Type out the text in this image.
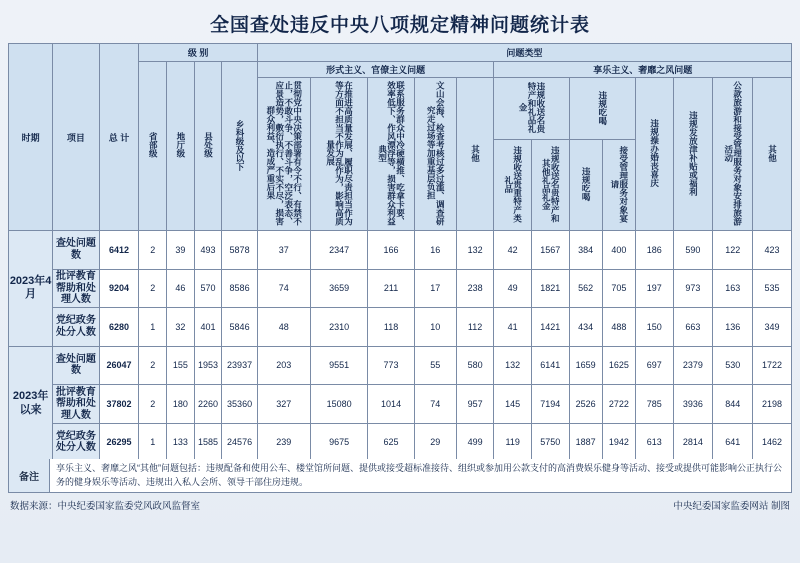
全国查处违反中央八项规定精神问题统计表
时期	项目	总 计	级 别				问题类型												
			省部级	地厅级	县处级	乡科级及以下	形式主义、官僚主义问题					享乐主义、奢靡之风问题							
							贯彻党中央决策部署有令不行、有禁不止，不敢斗争、不善斗争，空泛表态、应景造势，敷衍执行、不实不尽，损害群众利益、造成严重后果	在推进高质量发展、履职尽责担当作为等方面不担当不作为乱作为，影响高质量发展	联系服务群众中冷硬横推、吃拿卡要、效率低下、作风漂浮等，损害群众利益典型	文山会海、检查考核过多过滥、调查研究走过场等加重基层负担	其他	违规收送名贵特产和礼品礼金		违规吃喝		违规操办婚丧喜庆	违规发放津补贴或福利	公款旅游和接受管理服务对象安排旅游活动	其他
												违规收送贵重特产类礼品	违规收送名贵特产和其他礼品礼金	违规吃喝	接受管理服务对象宴请				
2023年4月	查处问题数	6412	2	39	493	5878	37	2347	166	16	132	42	1567	384	400	186	590	122	423
	批评教育帮助和处理人数	9204	2	46	570	8586	74	3659	211	17	238	49	1821	562	705	197	973	163	535
	党纪政务处分人数	6280	1	32	401	5846	48	2310	118	10	112	41	1421	434	488	150	663	136	349
2023年以来	查处问题数	26047	2	155	1953	23937	203	9551	773	55	580	132	6141	1659	1625	697	2379	530	1722
	批评教育帮助和处理人数	37802	2	180	2260	35360	327	15080	1014	74	957	145	7194	2526	2722	785	3936	844	2198
	党纪政务处分人数	26295	1	133	1585	24576	239	9675	625	29	499	119	5750	1887	1942	613	2814	641	1462
备注
享乐主义、奢靡之风“其他”问题包括：违规配备和使用公车、楼堂馆所问题、提供或接受超标准接待、组织或参加用公款支付的高消费娱乐健身等活动、接受或提供可能影响公正执行公务的健身娱乐等活动、违规出入私人会所、领导干部住房违规。
数据来源：中央纪委国家监委党风政风监督室	中央纪委国家监委网站 制图
